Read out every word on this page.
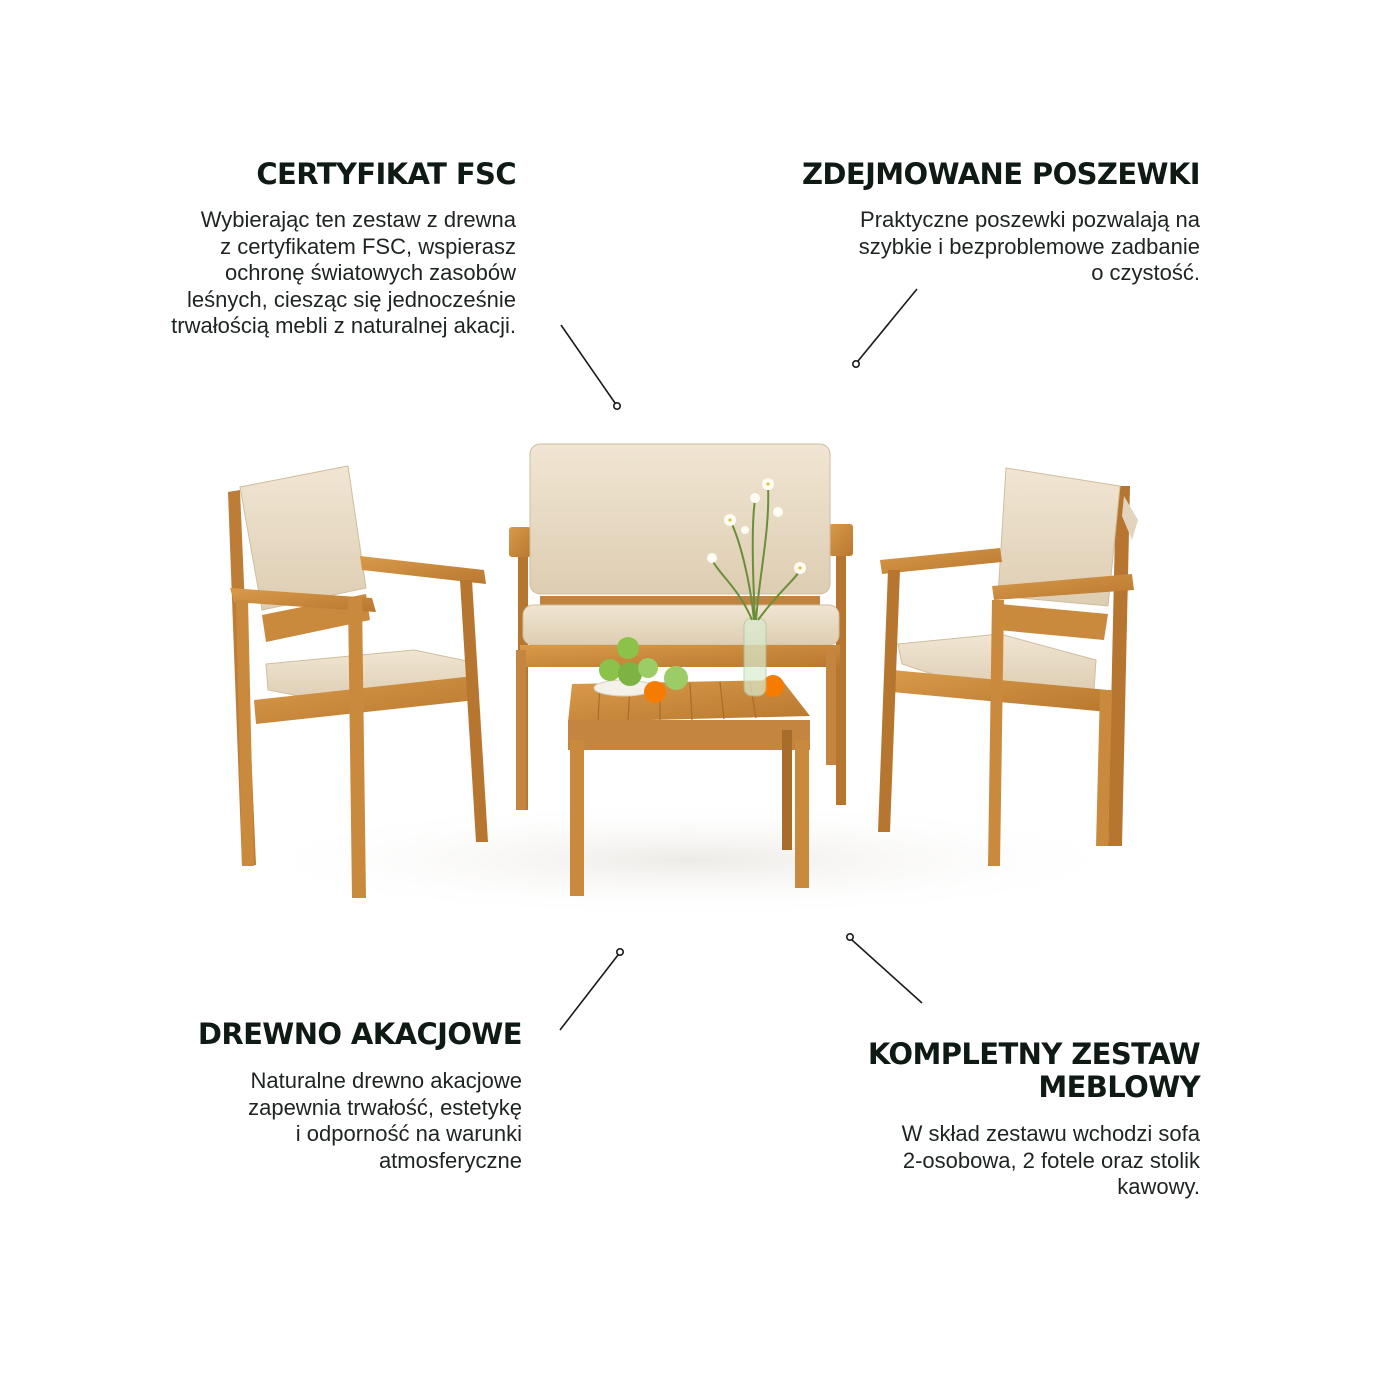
CERTYFIKAT FSC

Wybierając ten zestaw z drewna
z certyfikatem FSC, wspierasz
ochronę światowych zasobów
leśnych, ciesząc się jednocześnie
trwałością mebli z naturalnej akacji.

ZDEJMOWANE POSZEWKI

Praktyczne poszewki pozwalają na
szybkie i bezproblemowe zadbanie
o czystość.

DREWNO AKACJOWE

Naturalne drewno akacjowe
zapewnia trwałość, estetykę
i odporność na warunki
atmosferyczne

KOMPLETNY ZESTAW
MEBLOWY

W skład zestawu wchodzi sofa
2-osobowa, 2 fotele oraz stolik
kawowy.
